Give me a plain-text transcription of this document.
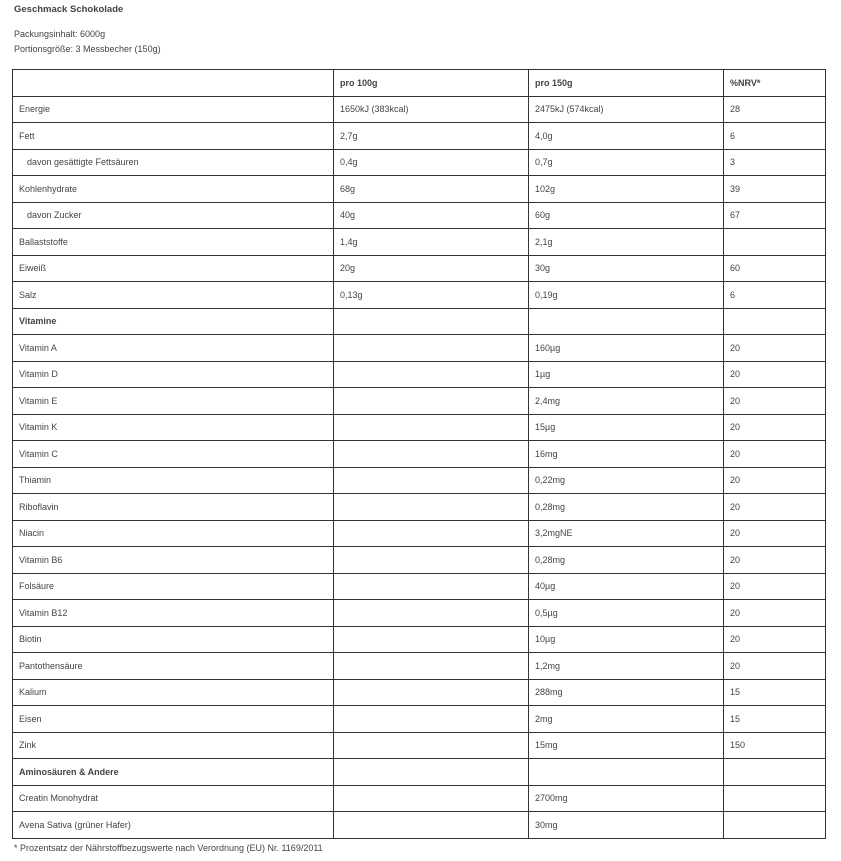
Geschmack Schokolade
Packungsinhalt: 6000g
Portionsgröße: 3 Messbecher (150g)
	pro 100g	pro 150g	%NRV*
Energie	1650kJ (383kcal)	2475kJ (574kcal)	28
Fett	2,7g	4,0g	6
davon gesättigte Fettsäuren	0,4g	0,7g	3
Kohlenhydrate	68g	102g	39
davon Zucker	40g	60g	67
Ballaststoffe	1,4g	2,1g	
Eiweiß	20g	30g	60
Salz	0,13g	0,19g	6
Vitamine			
Vitamin A		160µg	20
Vitamin D		1µg	20
Vitamin E		2,4mg	20
Vitamin K		15µg	20
Vitamin C		16mg	20
Thiamin		0,22mg	20
Riboflavin		0,28mg	20
Niacin		3,2mgNE	20
Vitamin B6		0,28mg	20
Folsäure		40µg	20
Vitamin B12		0,5µg	20
Biotin		10µg	20
Pantothensäure		1,2mg	20
Kalium		288mg	15
Eisen		2mg	15
Zink		15mg	150
Aminosäuren & Andere			
Creatin Monohydrat		2700mg	
Avena Sativa (grüner Hafer)		30mg	
* Prozentsatz der Nährstoffbezugswerte nach Verordnung (EU) Nr. 1169/2011
